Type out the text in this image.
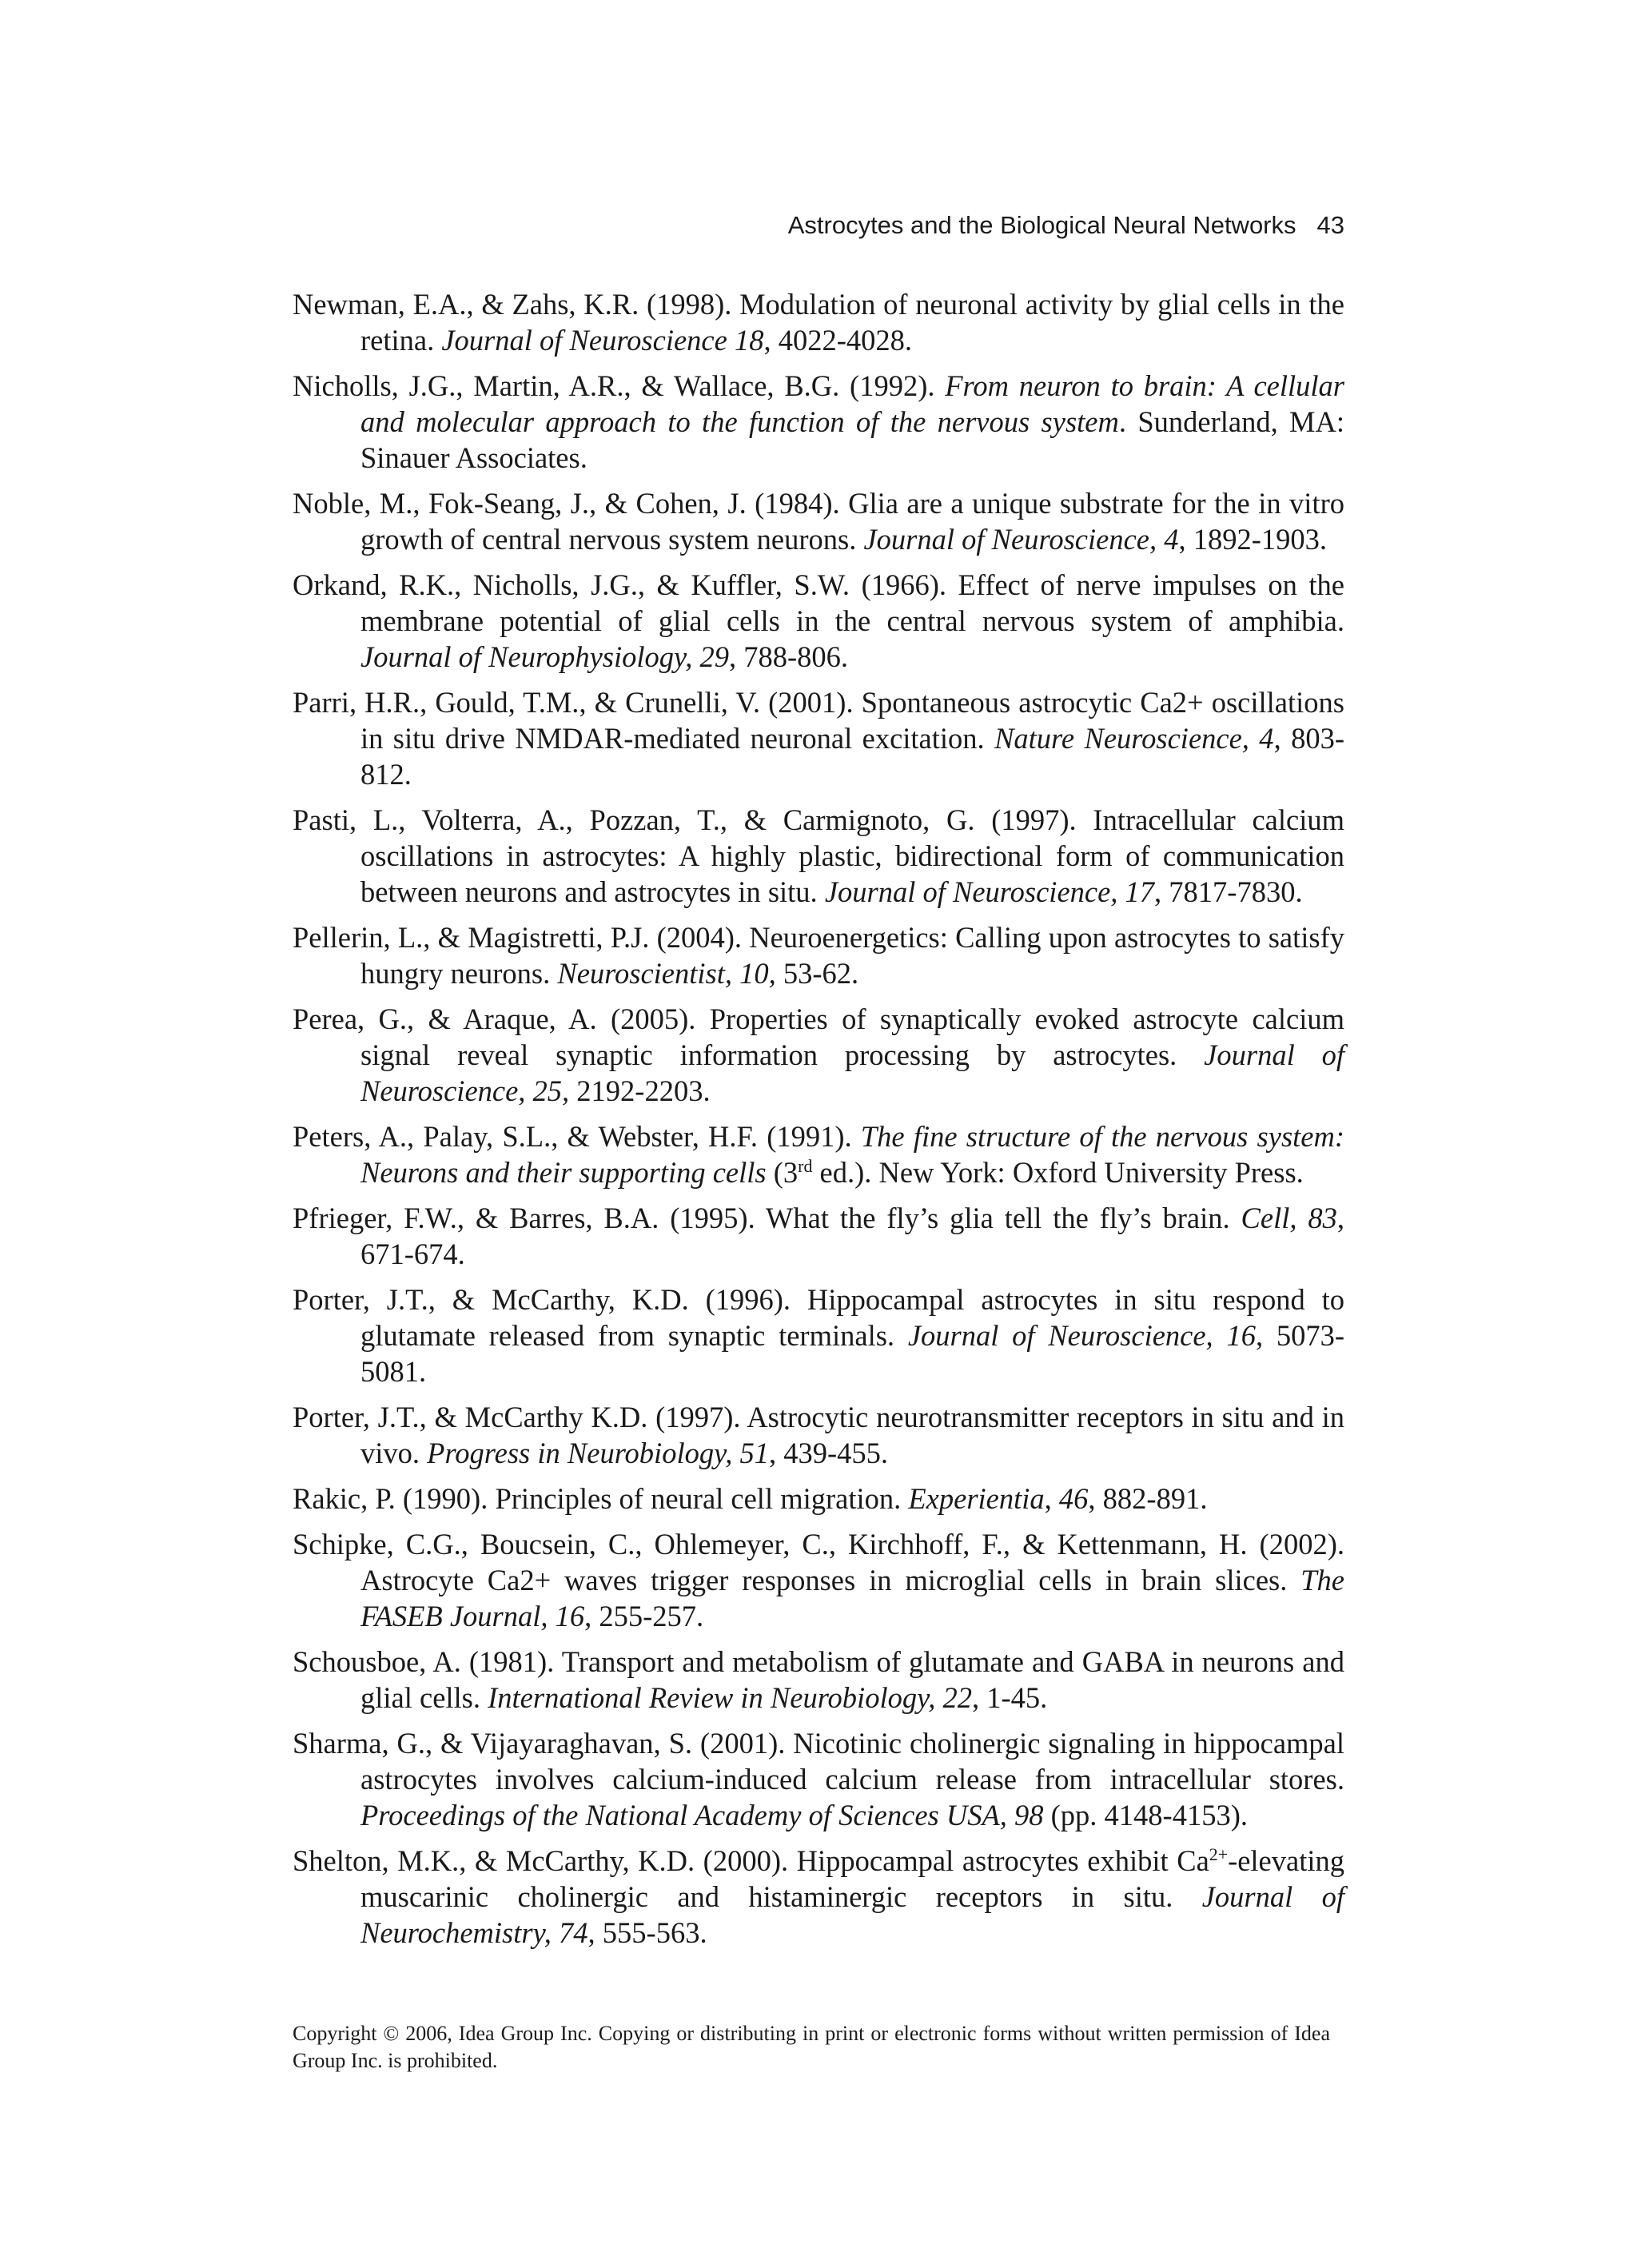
Astrocytes and the Biological Neural Networks 43

Newman, E.A., & Zahs, K.R. (1998). Modulation of neuronal activity by glial cells in the retina. Journal of Neuroscience 18, 4022-4028.

Nicholls, J.G., Martin, A.R., & Wallace, B.G. (1992). From neuron to brain: A cellular and molecular approach to the function of the nervous system. Sunderland, MA: Sinauer Associates.

Noble, M., Fok-Seang, J., & Cohen, J. (1984). Glia are a unique substrate for the in vitro growth of central nervous system neurons. Journal of Neuroscience, 4, 1892-1903.

Orkand, R.K., Nicholls, J.G., & Kuffler, S.W. (1966). Effect of nerve impulses on the membrane potential of glial cells in the central nervous system of amphibia. Journal of Neurophysiology, 29, 788-806.

Parri, H.R., Gould, T.M., & Crunelli, V. (2001). Spontaneous astrocytic Ca2+ oscillations in situ drive NMDAR-mediated neuronal excitation. Nature Neuroscience, 4, 803-812.

Pasti, L., Volterra, A., Pozzan, T., & Carmignoto, G. (1997). Intracellular calcium oscillations in astrocytes: A highly plastic, bidirectional form of communication between neurons and astrocytes in situ. Journal of Neuroscience, 17, 7817-7830.

Pellerin, L., & Magistretti, P.J. (2004). Neuroenergetics: Calling upon astrocytes to satisfy hungry neurons. Neuroscientist, 10, 53-62.

Perea, G., & Araque, A. (2005). Properties of synaptically evoked astrocyte calcium signal reveal synaptic information processing by astrocytes. Journal of Neuroscience, 25, 2192-2203.

Peters, A., Palay, S.L., & Webster, H.F. (1991). The fine structure of the nervous system: Neurons and their supporting cells (3rd ed.). New York: Oxford University Press.

Pfrieger, F.W., & Barres, B.A. (1995). What the fly’s glia tell the fly’s brain. Cell, 83, 671-674.

Porter, J.T., & McCarthy, K.D. (1996). Hippocampal astrocytes in situ respond to glutamate released from synaptic terminals. Journal of Neuroscience, 16, 5073-5081.

Porter, J.T., & McCarthy K.D. (1997). Astrocytic neurotransmitter receptors in situ and in vivo. Progress in Neurobiology, 51, 439-455.

Rakic, P. (1990). Principles of neural cell migration. Experientia, 46, 882-891.

Schipke, C.G., Boucsein, C., Ohlemeyer, C., Kirchhoff, F., & Kettenmann, H. (2002). Astrocyte Ca2+ waves trigger responses in microglial cells in brain slices. The FASEB Journal, 16, 255-257.

Schousboe, A. (1981). Transport and metabolism of glutamate and GABA in neurons and glial cells. International Review in Neurobiology, 22, 1-45.

Sharma, G., & Vijayaraghavan, S. (2001). Nicotinic cholinergic signaling in hippocampal astrocytes involves calcium-induced calcium release from intracellular stores. Proceedings of the National Academy of Sciences USA, 98 (pp. 4148-4153).

Shelton, M.K., & McCarthy, K.D. (2000). Hippocampal astrocytes exhibit $Ca^{2+}$-elevating muscarinic cholinergic and histaminergic receptors in situ. Journal of Neurochemistry, 74, 555-563.

Copyright © 2006, Idea Group Inc. Copying or distributing in print or electronic forms without written permission of Idea Group Inc. is prohibited.
